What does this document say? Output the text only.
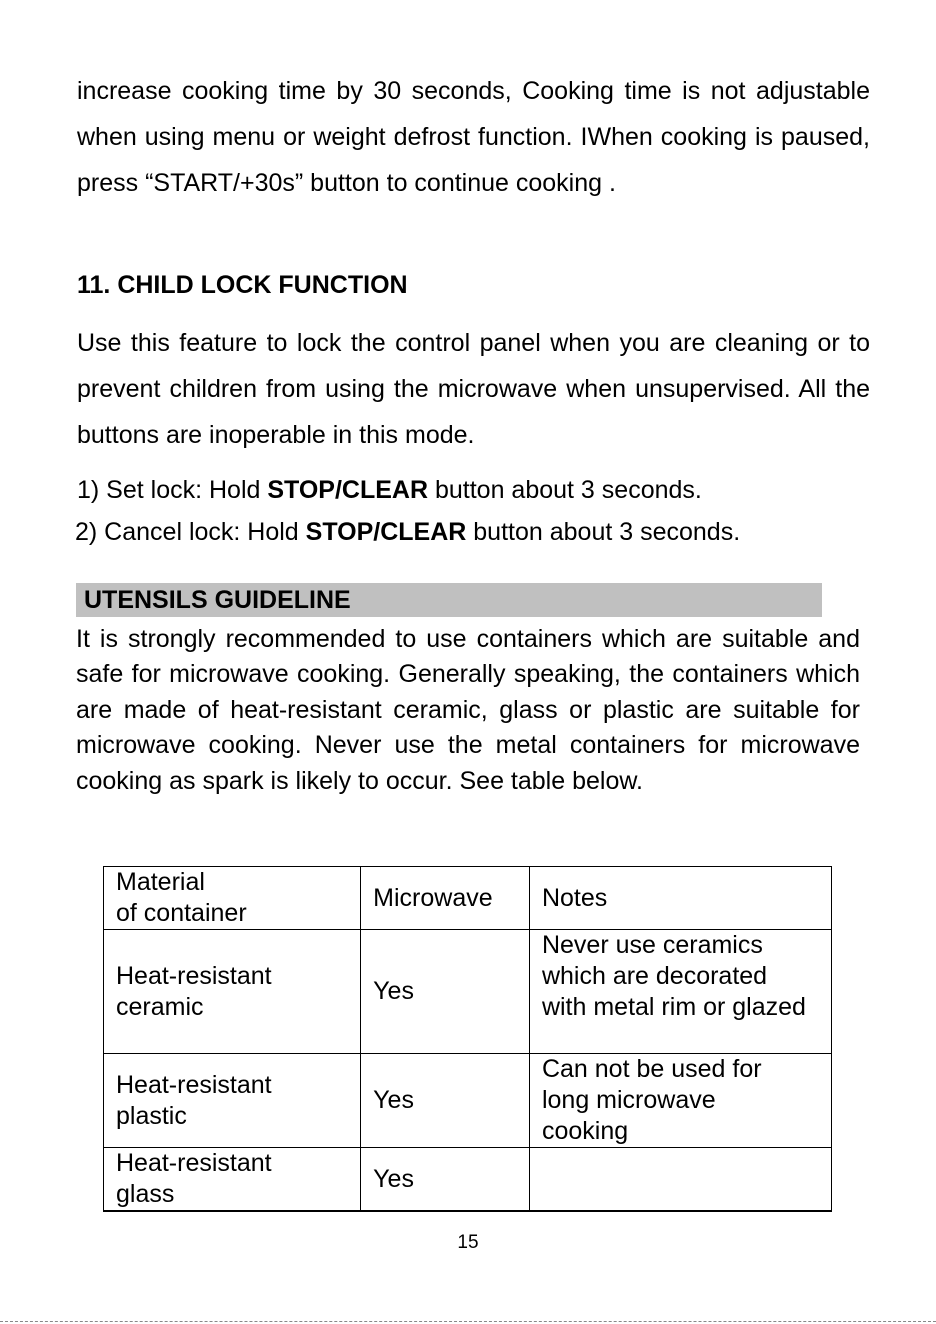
increase cooking time by 30 seconds, Cooking time is not adjustable when using menu or weight defrost function. IWhen cooking is paused, press “START/+30s” button to continue cooking .

11. CHILD LOCK FUNCTION

Use this feature to lock the control panel when you are cleaning or to prevent children from using the microwave when unsupervised. All the buttons are inoperable in this mode.

1) Set lock: Hold STOP/CLEAR button about 3 seconds.

2) Cancel lock: Hold STOP/CLEAR button about 3 seconds.

UTENSILS GUIDELINE

It is strongly recommended to use containers which are suitable and safe for microwave cooking. Generally speaking, the containers which are made of heat-resistant ceramic, glass or plastic are suitable for microwave cooking. Never use the metal containers for microwave cooking as spark is likely to occur. See table below.

Material
of container	Microwave	Notes

Heat-resistant
ceramic	Yes	Never use ceramics
which are decorated
with metal rim or glazed

Heat-resistant
plastic	Yes	Can not be used for
long microwave
cooking

Heat-resistant
glass	Yes	

15
